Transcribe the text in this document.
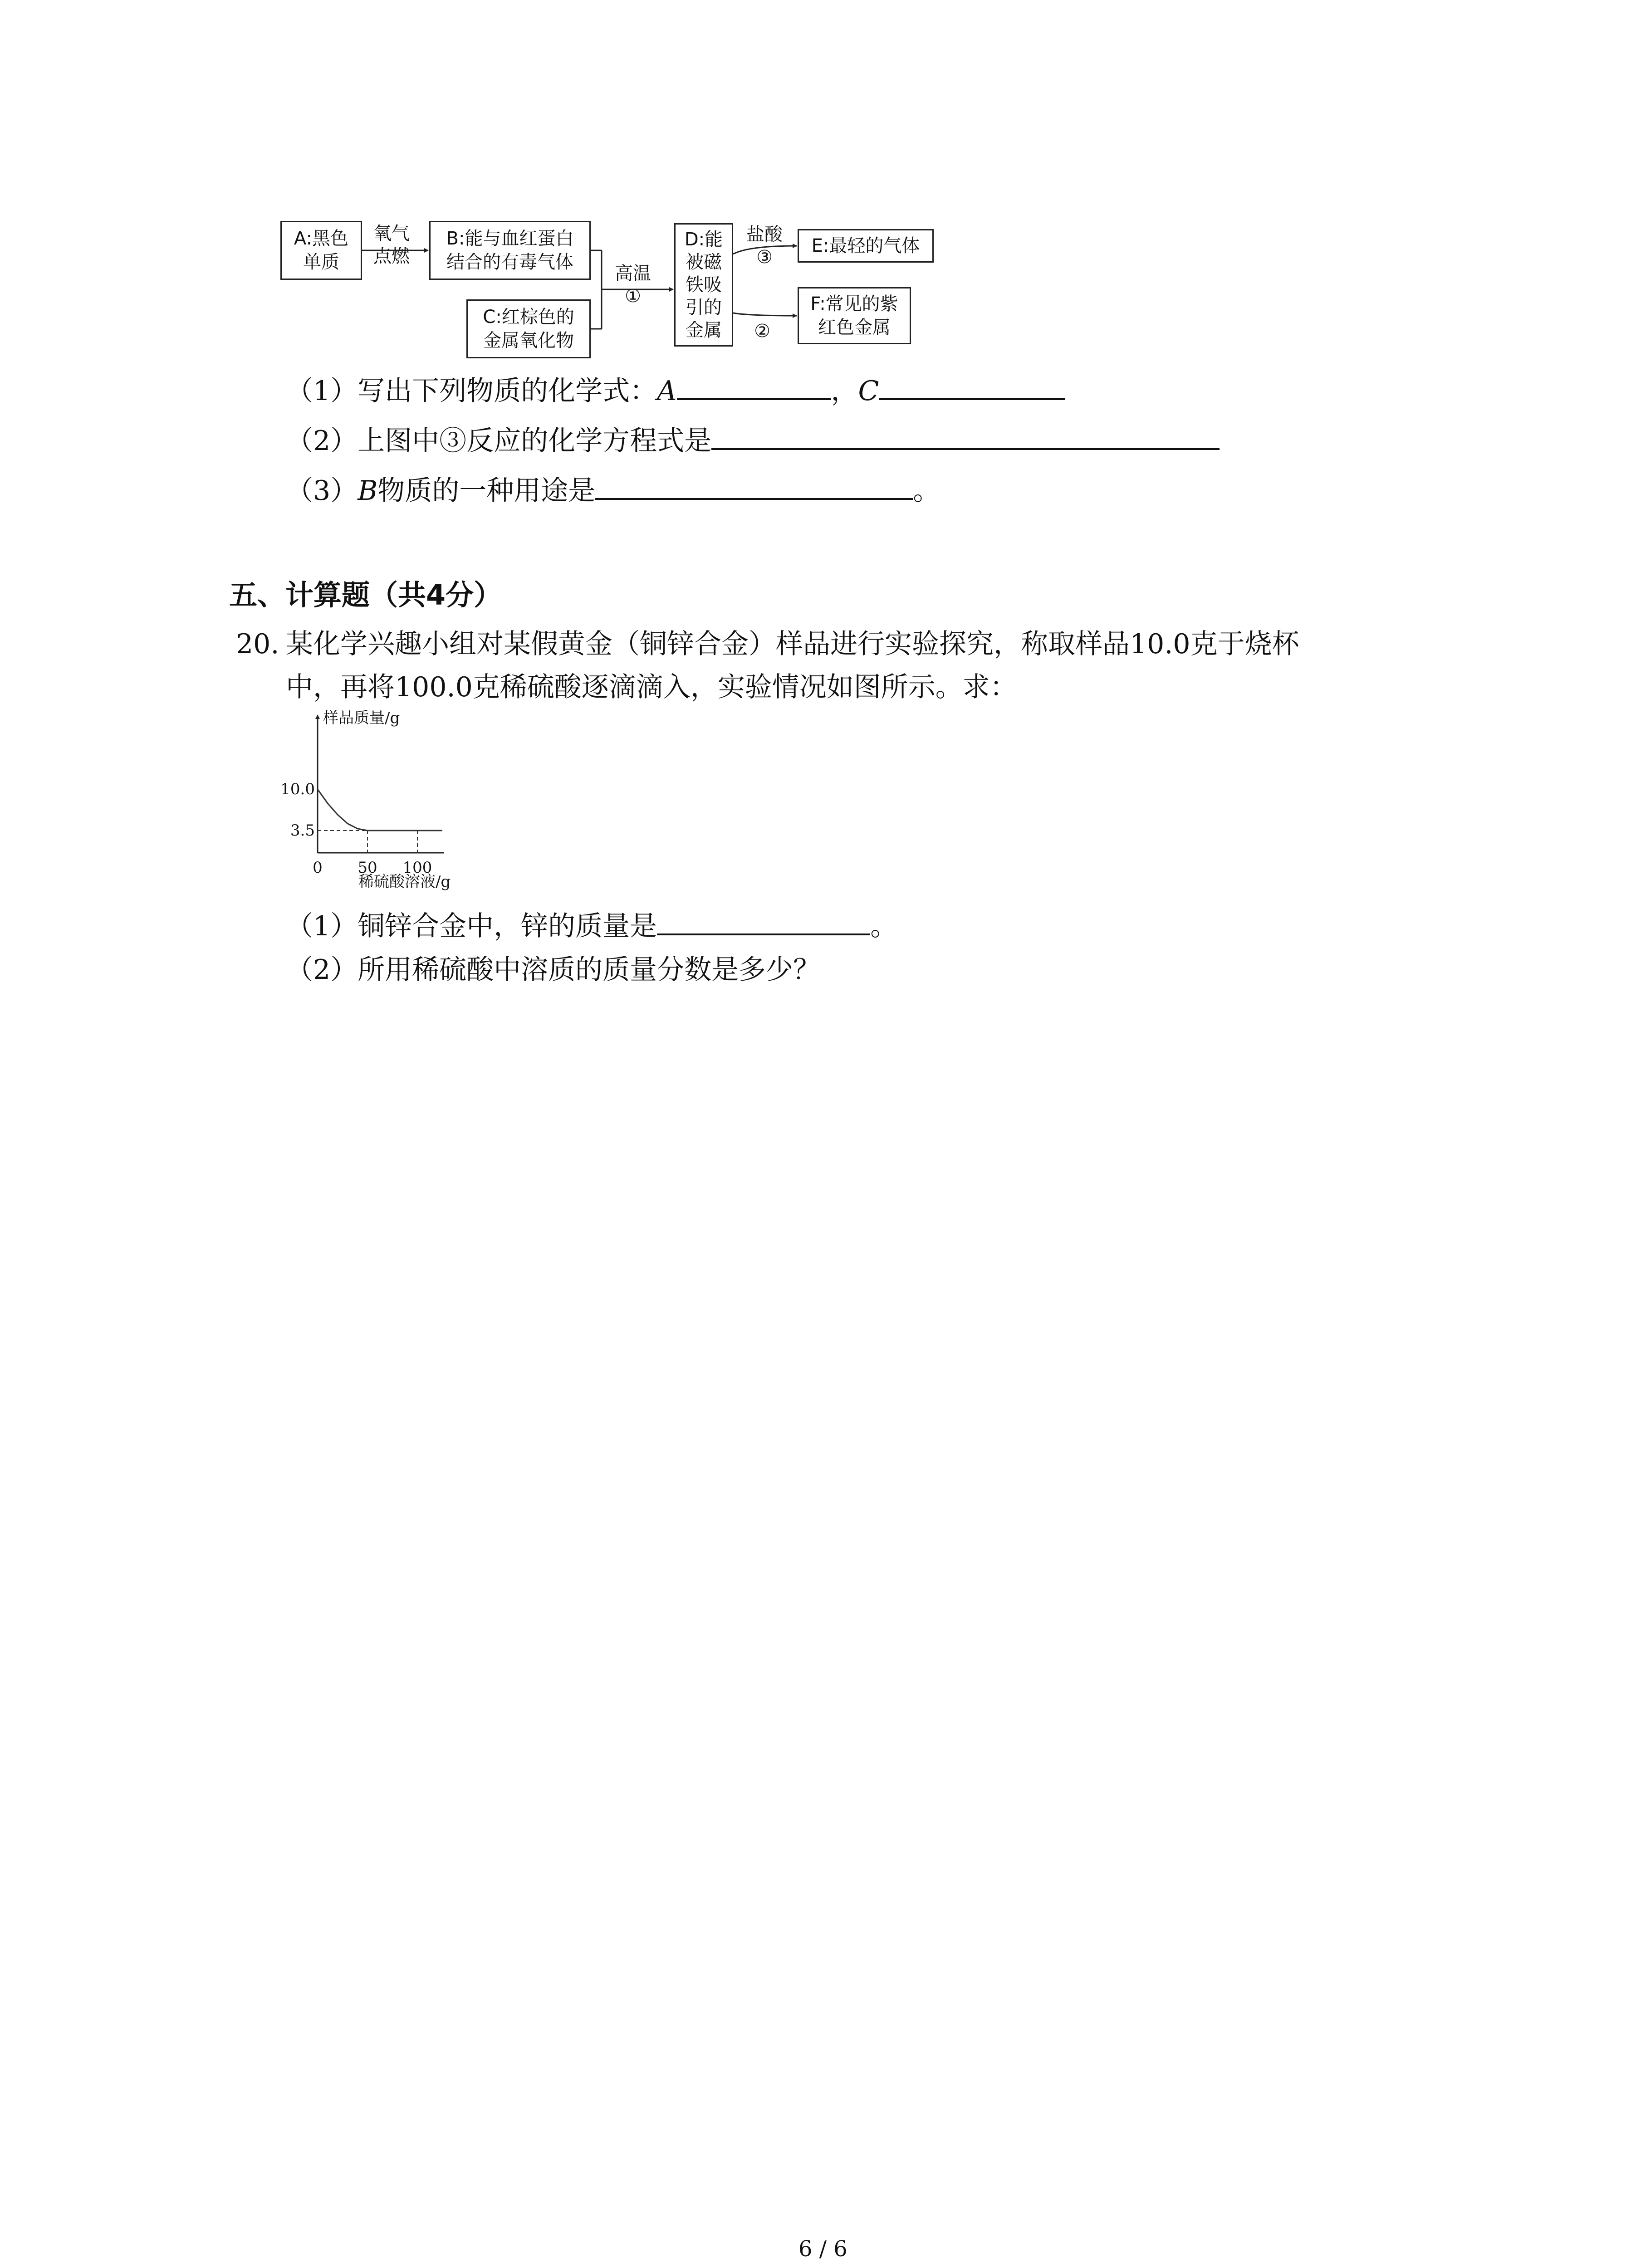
A:黑色
单质
氧气
点燃
B:能与血红蛋白
结合的有毒气体
C:红棕色的
金属氧化物
高温
①
D:能
被磁
铁吸
引的
金属
盐酸
③
②
E:最轻的气体
F:常见的紫
红色金属
（1）写出下列物质的化学式：A	，C
（2）上图中③反应的化学方程式是
（3）B物质的一种用途是	。
五、计算题（共4分）
20. 某化学兴趣小组对某假黄金（铜锌合金）样品进行实验探究，称取样品10.0克于烧杯
中，再将100.0克稀硫酸逐滴滴入，实验情况如图所示。求：
样品质量/g
稀硫酸溶液/g
10.0
3.5
0 50 100
（1）铜锌合金中，锌的质量是	。
（2）所用稀硫酸中溶质的质量分数是多少？
6 / 6
